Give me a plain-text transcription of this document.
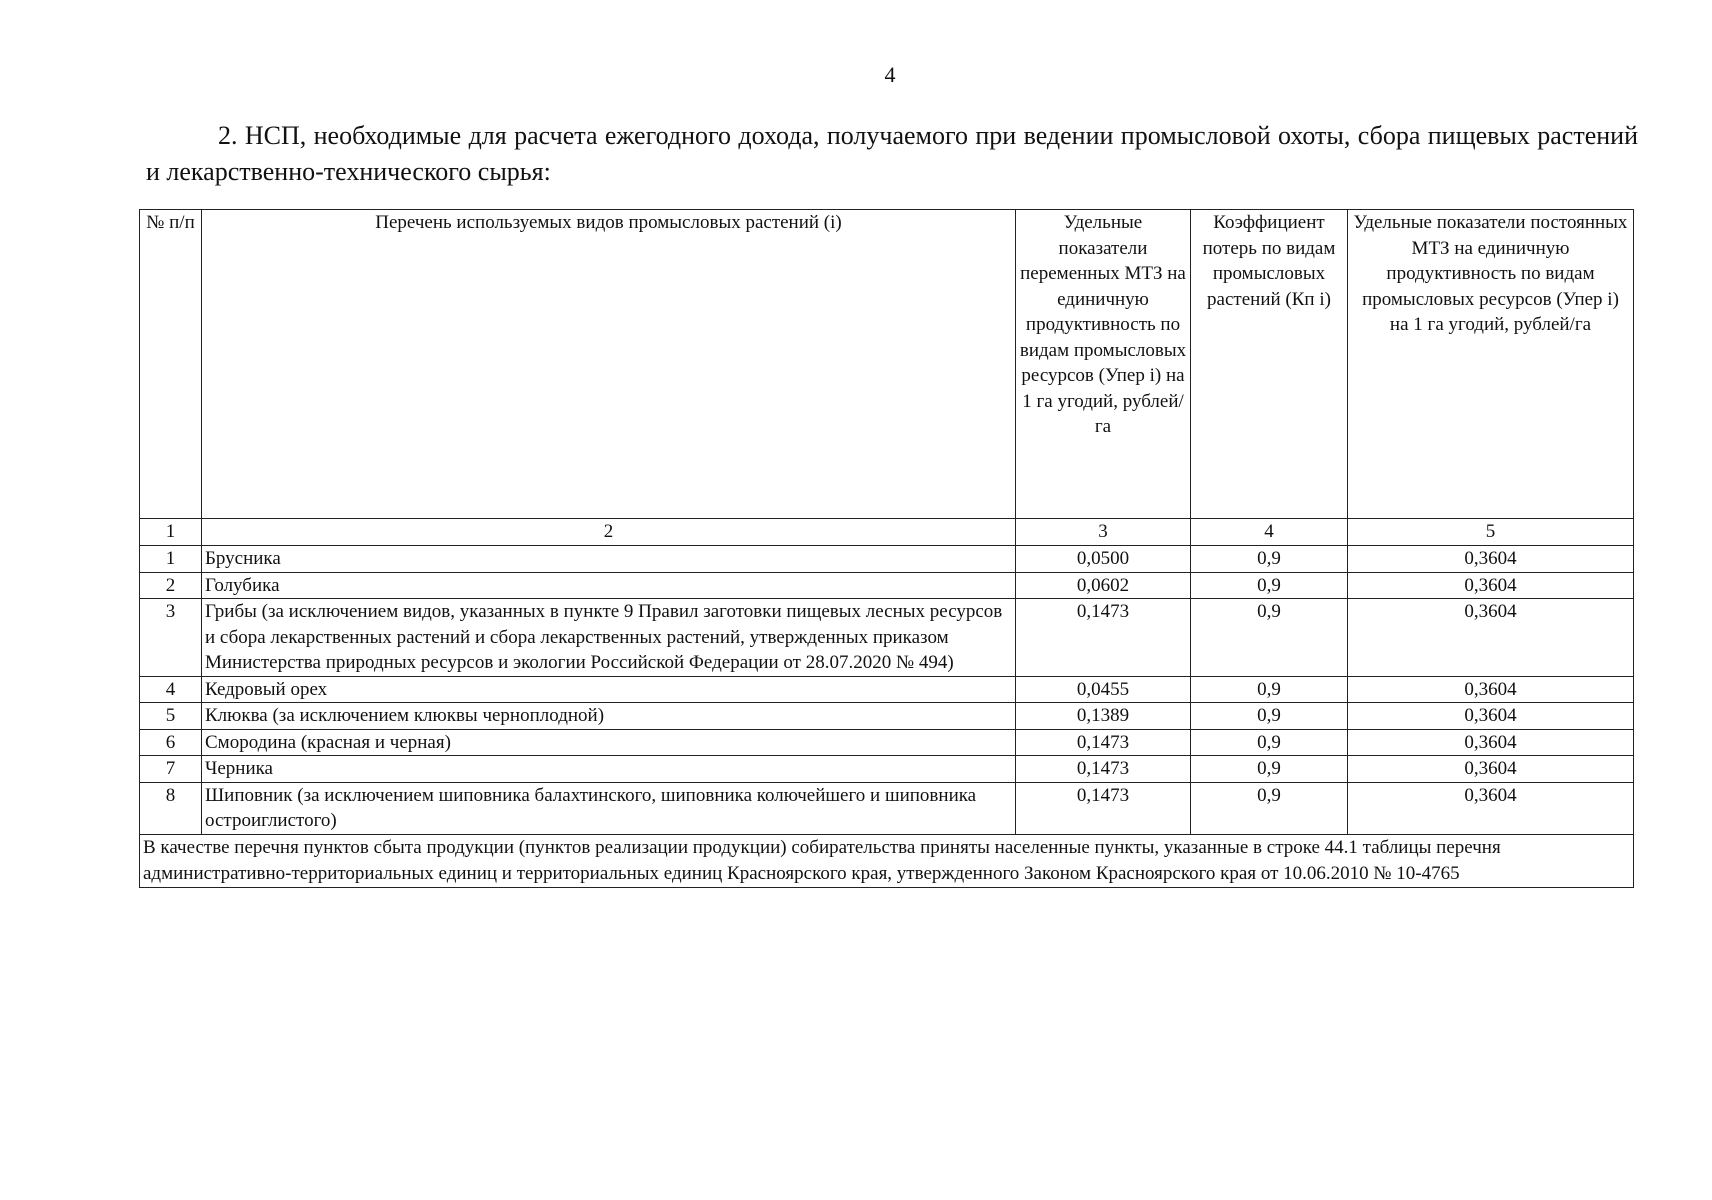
4
2. НСП, необходимые для расчета ежегодного дохода, получаемого при ведении промысловой охоты, сбора пищевых растений и лекарственно-технического сырья:
№ п/п	Перечень используемых видов промысловых растений (i)	Удельные показатели переменных МТЗ на единичную продуктивность по видам промысловых ресурсов (Упер i) на 1 га угодий, рублей/га	Коэффициент потерь по видам промысловых растений (Кп i)	Удельные показатели постоянных МТЗ на единичную продуктивность по видам промысловых ресурсов (Упер i) на 1 га угодий, рублей/га
1	2	3	4	5
1	Брусника	0,0500	0,9	0,3604
2	Голубика	0,0602	0,9	0,3604
3	Грибы (за исключением видов, указанных в пункте 9 Правил заготовки пищевых лесных ресурсов и сбора лекарственных растений и сбора лекарственных растений, утвержденных приказом Министерства природных ресурсов и экологии Российской Федерации от 28.07.2020 № 494)	0,1473	0,9	0,3604
4	Кедровый орех	0,0455	0,9	0,3604
5	Клюква (за исключением клюквы черноплодной)	0,1389	0,9	0,3604
6	Смородина (красная и черная)	0,1473	0,9	0,3604
7	Черника	0,1473	0,9	0,3604
8	Шиповник (за исключением шиповника балахтинского, шиповника колючейшего и шиповника остроиглистого)	0,1473	0,9	0,3604
В качестве перечня пунктов сбыта продукции (пунктов реализации продукции) собирательства приняты населенные пункты, указанные в строке 44.1 таблицы перечня административно-территориальных единиц и территориальных единиц Красноярского края, утвержденного Законом Красноярского края от 10.06.2010 № 10-4765				
